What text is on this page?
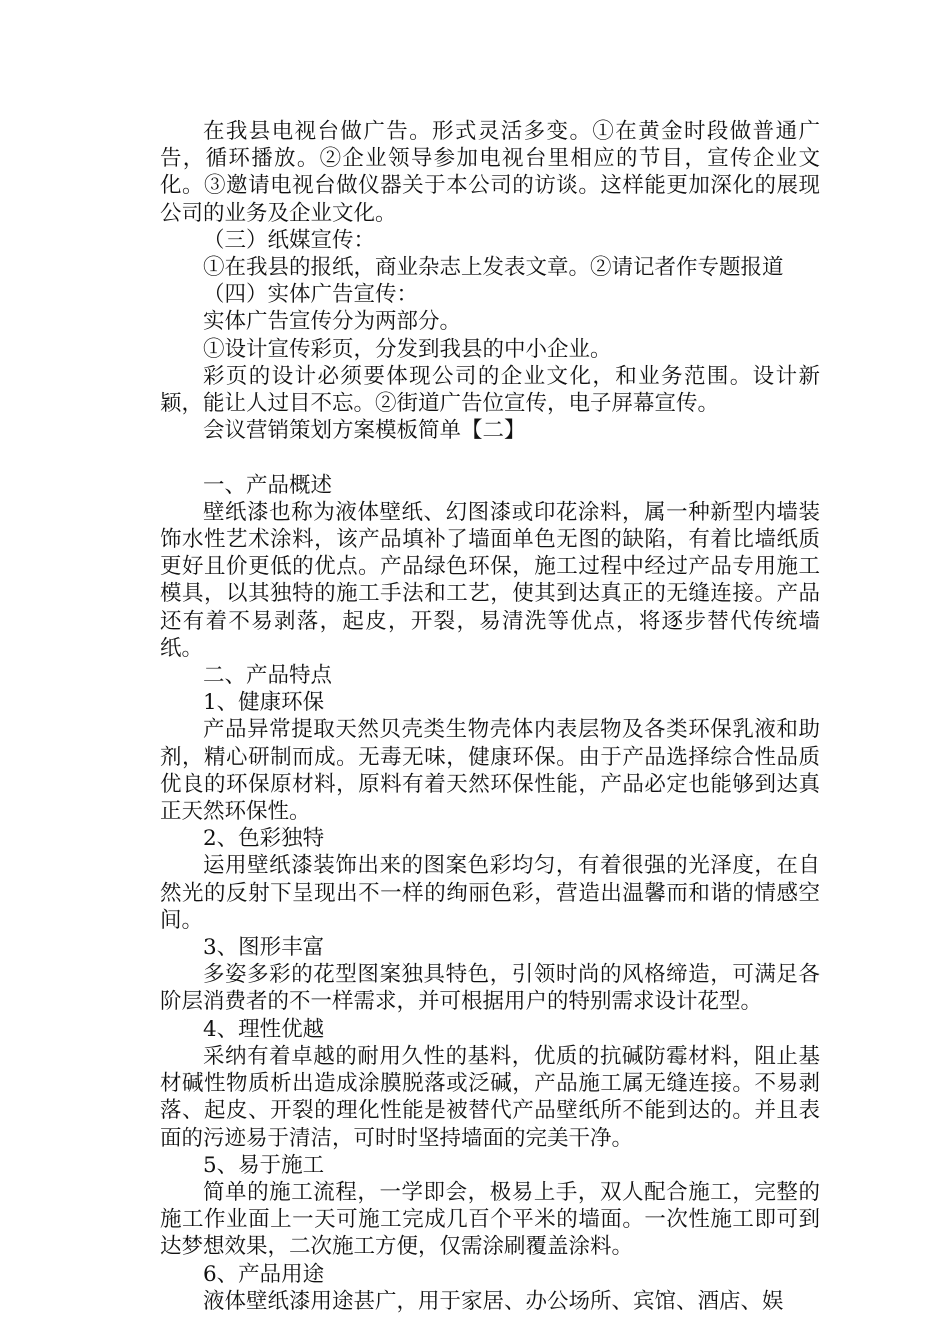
在我县电视台做广告。形式灵活多变。①在黄金时段做普通广告，循环播放。②企业领导参加电视台里相应的节目，宣传企业文化。③邀请电视台做仪器关于本公司的访谈。这样能更加深化的展现公司的业务及企业文化。

（三）纸媒宣传：

①在我县的报纸，商业杂志上发表文章。②请记者作专题报道

（四）实体广告宣传：

实体广告宣传分为两部分。

①设计宣传彩页，分发到我县的中小企业。

彩页的设计必须要体现公司的企业文化，和业务范围。设计新颖，能让人过目不忘。②街道广告位宣传，电子屏幕宣传。

会议营销策划方案模板简单【二】

一、产品概述

壁纸漆也称为液体壁纸、幻图漆或印花涂料，属一种新型内墙装饰水性艺术涂料，该产品填补了墙面单色无图的缺陷，有着比墙纸质更好且价更低的优点。产品绿色环保，施工过程中经过产品专用施工模具，以其独特的施工手法和工艺，使其到达真正的无缝连接。产品还有着不易剥落，起皮，开裂，易清洗等优点，将逐步替代传统墙纸。

二、产品特点

1、健康环保

产品异常提取天然贝壳类生物壳体内表层物及各类环保乳液和助剂，精心研制而成。无毒无味，健康环保。由于产品选择综合性品质优良的环保原材料，原料有着天然环保性能，产品必定也能够到达真正天然环保性。

2、色彩独特

运用壁纸漆装饰出来的图案色彩均匀，有着很强的光泽度，在自然光的反射下呈现出不一样的绚丽色彩，营造出温馨而和谐的情感空间。

3、图形丰富

多姿多彩的花型图案独具特色，引领时尚的风格缔造，可满足各阶层消费者的不一样需求，并可根据用户的特别需求设计花型。

4、理性优越

采纳有着卓越的耐用久性的基料，优质的抗碱防霉材料，阻止基材碱性物质析出造成涂膜脱落或泛碱，产品施工属无缝连接。不易剥落、起皮、开裂的理化性能是被替代产品壁纸所不能到达的。并且表面的污迹易于清洁，可时时坚持墙面的完美干净。

5、易于施工

简单的施工流程，一学即会，极易上手，双人配合施工，完整的施工作业面上一天可施工完成几百个平米的墙面。一次性施工即可到达梦想效果，二次施工方便，仅需涂刷覆盖涂料。

6、产品用途

液体壁纸漆用途甚广，用于家居、办公场所、宾馆、酒店、娱
